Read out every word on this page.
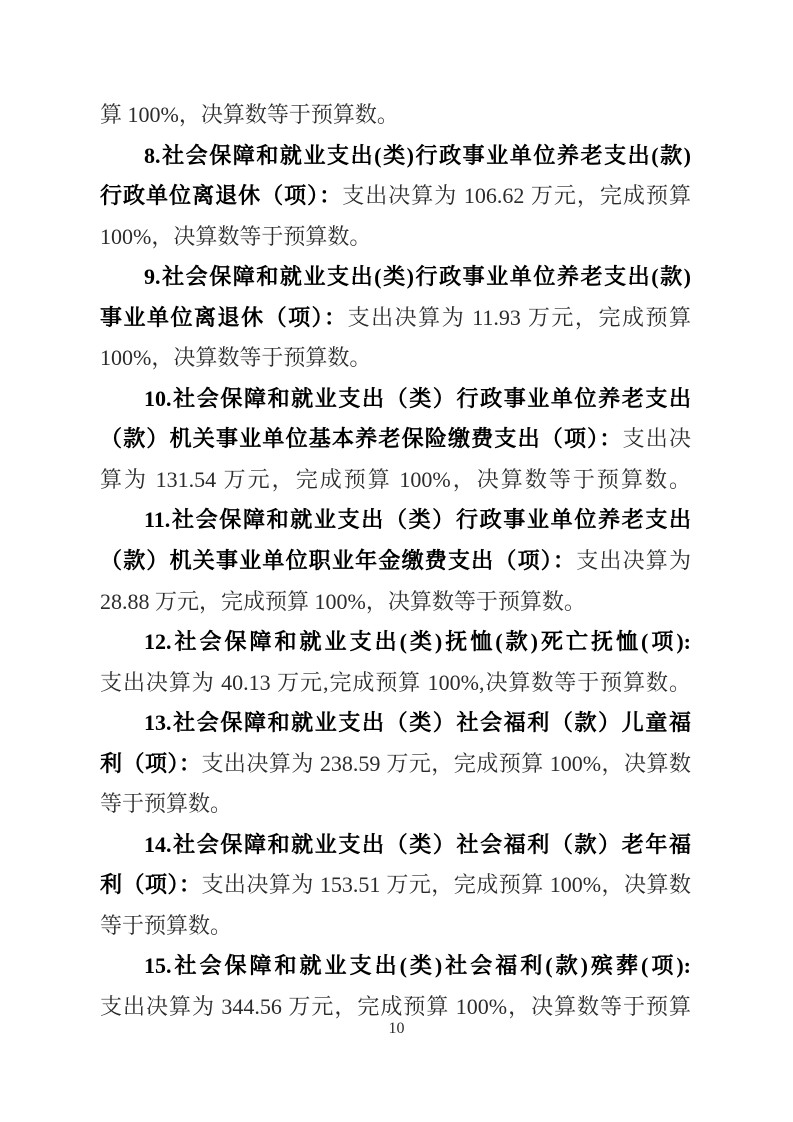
算 100%，决算数等于预算数。
8.社会保障和就业支出(类)行政事业单位养老支出(款)
行政单位离退休（项）：支出决算为 106.62 万元，完成预算
100%，决算数等于预算数。
9.社会保障和就业支出(类)行政事业单位养老支出(款)
事业单位离退休（项）：支出决算为 11.93 万元，完成预算
100%，决算数等于预算数。
10.社会保障和就业支出（类）行政事业单位养老支出
（款）机关事业单位基本养老保险缴费支出（项）：支出决
算为 131.54 万元，完成预算 100%，决算数等于预算数。
11.社会保障和就业支出（类）行政事业单位养老支出
（款）机关事业单位职业年金缴费支出（项）：支出决算为
28.88 万元，完成预算 100%，决算数等于预算数。
12.社会保障和就业支出(类)抚恤(款)死亡抚恤(项):
支出决算为 40.13 万元,完成预算 100%,决算数等于预算数。
13.社会保障和就业支出（类）社会福利（款）儿童福
利（项）：支出决算为 238.59 万元，完成预算 100%，决算数
等于预算数。
14.社会保障和就业支出（类）社会福利（款）老年福
利（项）：支出决算为 153.51 万元，完成预算 100%，决算数
等于预算数。
15.社会保障和就业支出(类)社会福利(款)殡葬(项):
支出决算为 344.56 万元，完成预算 100%，决算数等于预算
10
